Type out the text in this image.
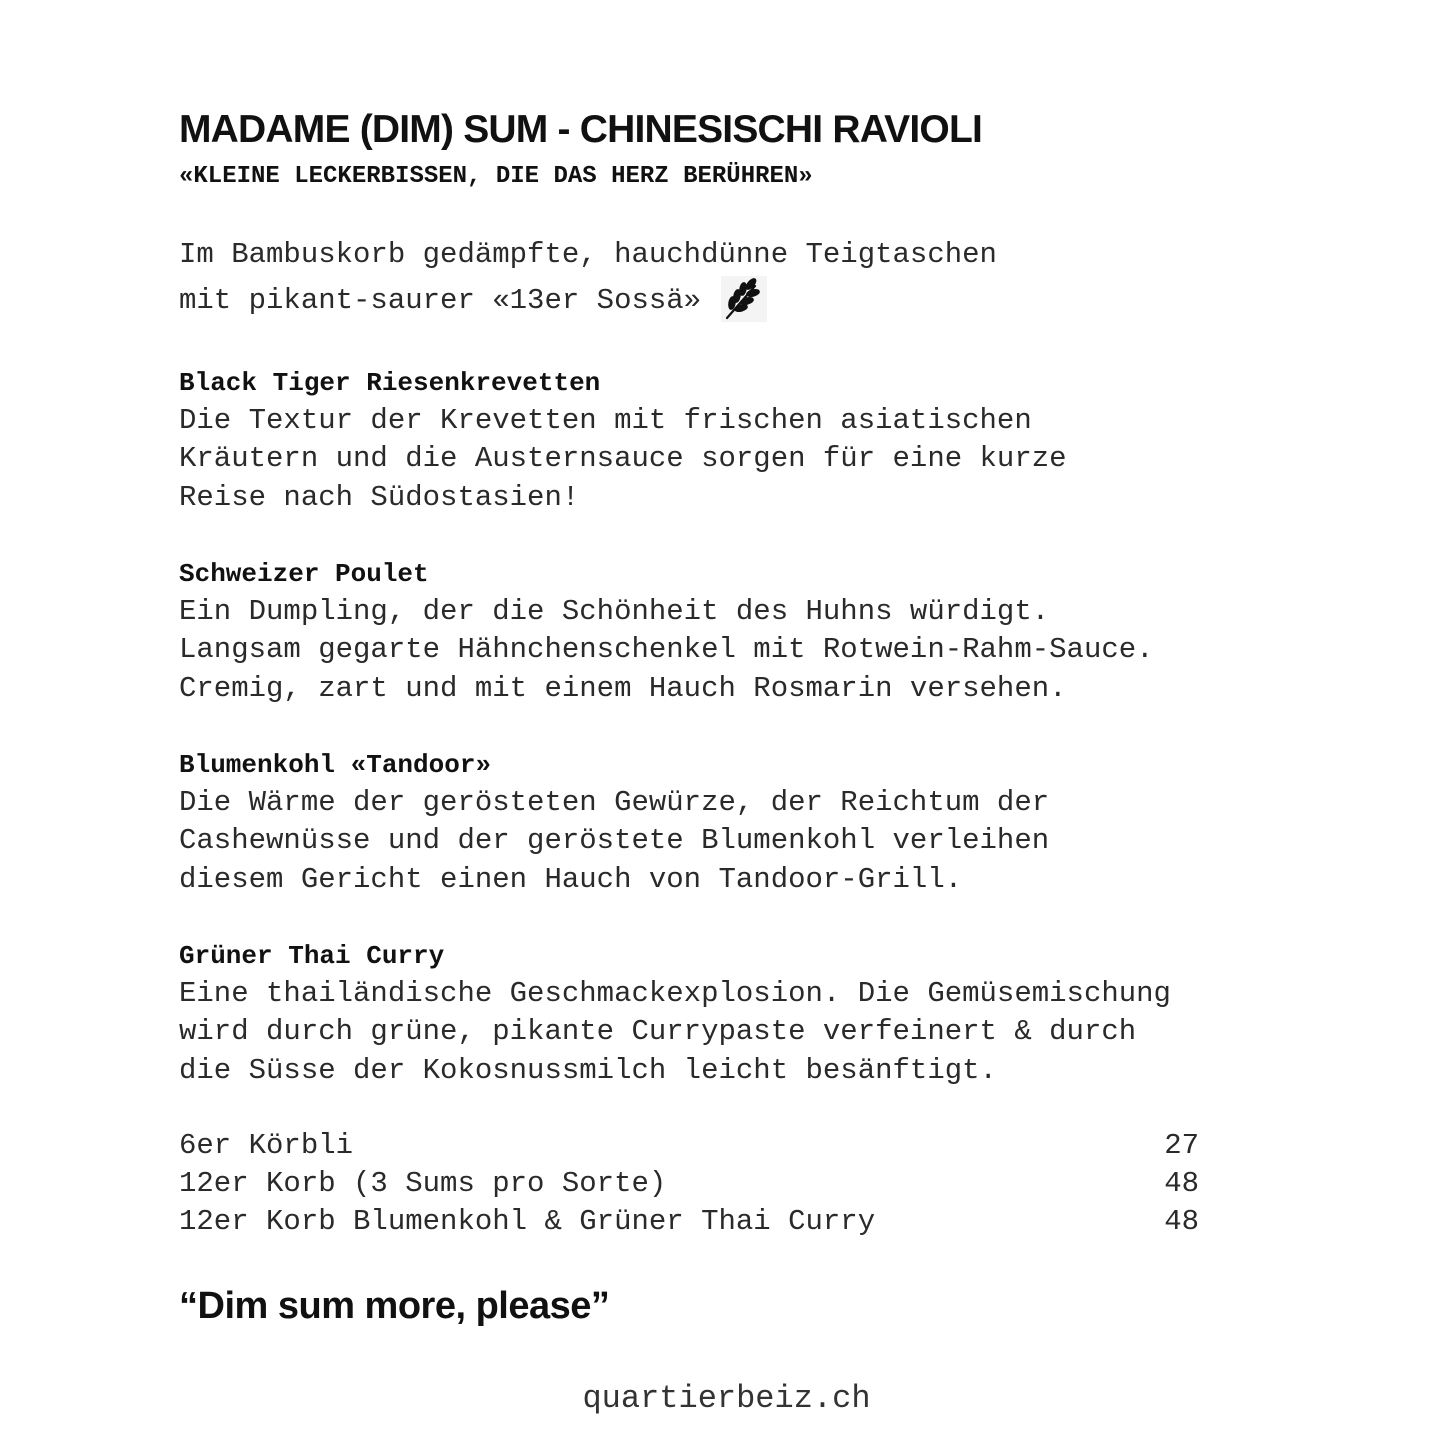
MADAME (DIM) SUM - CHINESISCHI RAVIOLI
«KLEINE LECKERBISSEN, DIE DAS HERZ BERÜHREN»
Im Bambuskorb gedämpfte, hauchdünne Teigtaschen
mit pikant-saurer «13er Sossä»
Black Tiger Riesenkrevetten
Die Textur der Krevetten mit frischen asiatischen
Kräutern und die Austernsauce sorgen für eine kurze
Reise nach Südostasien!
Schweizer Poulet
Ein Dumpling, der die Schönheit des Huhns würdigt.
Langsam gegarte Hähnchenschenkel mit Rotwein-Rahm-Sauce.
Cremig, zart und mit einem Hauch Rosmarin versehen.
Blumenkohl «Tandoor»
Die Wärme der gerösteten Gewürze, der Reichtum der
Cashewnüsse und der geröstete Blumenkohl verleihen
diesem Gericht einen Hauch von Tandoor-Grill.
Grüner Thai Curry
Eine thailändische Geschmackexplosion. Die Gemüsemischung
wird durch grüne, pikante Currypaste verfeinert & durch
die Süsse der Kokosnussmilch leicht besänftigt.
6er Körbli	27
12er Korb (3 Sums pro Sorte)	48
12er Korb Blumenkohl & Grüner Thai Curry	48
“Dim sum more, please”
quartierbeiz.ch
